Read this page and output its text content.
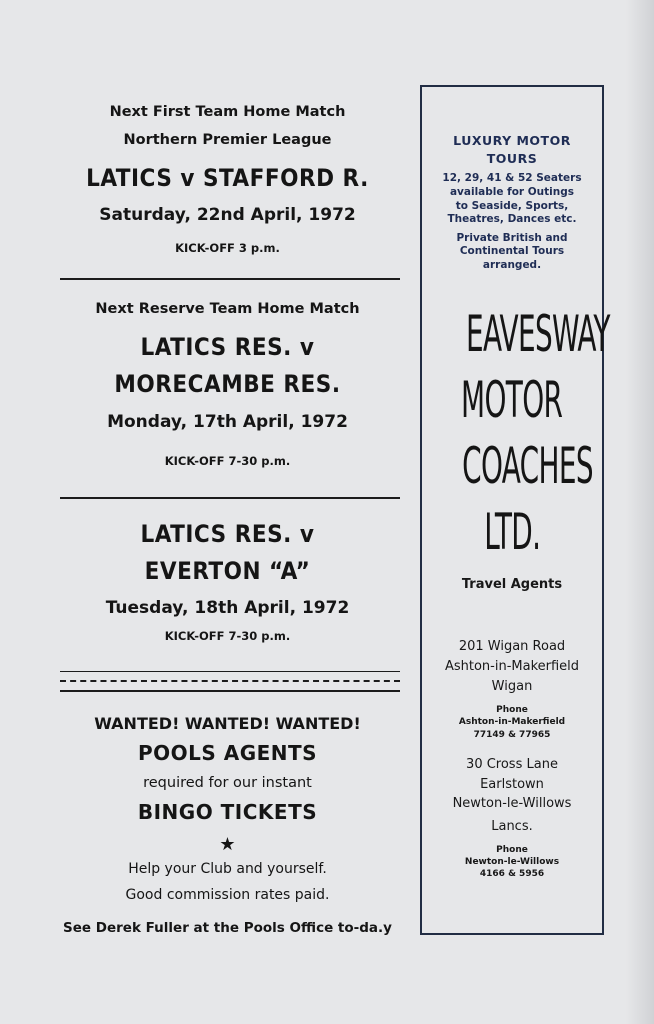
Next First Team Home Match
Northern Premier League
LATICS v STAFFORD R.
Saturday, 22nd April, 1972
KICK-OFF 3 p.m.
Next Reserve Team Home Match
LATICS RES. v
MORECAMBE RES.
Monday, 17th April, 1972
KICK-OFF 7-30 p.m.
LATICS RES. v
EVERTON “A”
Tuesday, 18th April, 1972
KICK-OFF 7-30 p.m.
WANTED! WANTED! WANTED!
POOLS AGENTS
required for our instant
BINGO TICKETS
★
Help your Club and yourself.
Good commission rates paid.
See Derek Fuller at the Pools Office to-da.y
LUXURY MOTOR
TOURS
12, 29, 41 & 52 Seaters
available for Outings
to Seaside, Sports,
Theatres, Dances etc.
Private British and
Continental Tours
arranged.
EAVESWAY
MOTOR
COACHES
LTD.
Travel Agents
201 Wigan Road
Ashton-in-Makerfield
Wigan
Phone
Ashton-in-Makerfield
77149 & 77965
30 Cross Lane
Earlstown
Newton-le-Willows
Lancs.
Phone
Newton-le-Willows
4166 & 5956
